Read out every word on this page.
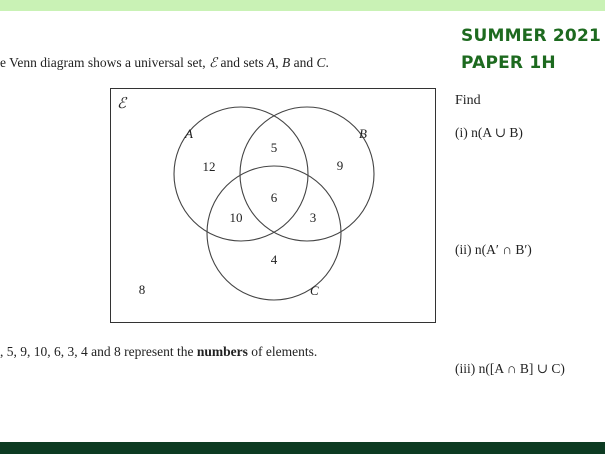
SUMMER 2021
PAPER 1H
e Venn diagram shows a universal set, ℰ and sets A, B and C.
ℰ
A	B
C
12
5
9
6
10	3
4
8
, 5, 9, 10, 6, 3, 4 and 8 represent the numbers of elements.
Find
(i) n(A ∪ B)
(ii) n(A′ ∩ B′)
(iii) n([A ∩ B] ∪ C)
